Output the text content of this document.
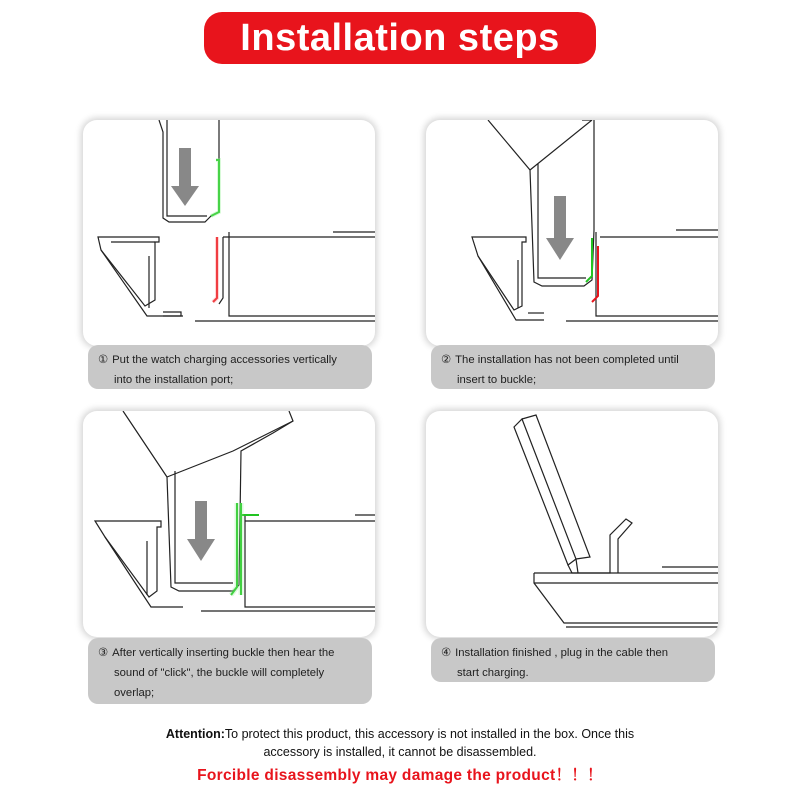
Installation steps
① Put the watch charging accessories vertically
into the installation port;
② The installation has not been completed until
insert to buckle;
③ After vertically inserting buckle then hear the
sound of "click", the buckle will completely
overlap;
④ Installation finished , plug in the cable then
start charging.
Attention:To protect this product, this accessory is not installed in the box. Once this
accessory is installed, it cannot be disassembled.
Forcible disassembly may damage the product！！！
